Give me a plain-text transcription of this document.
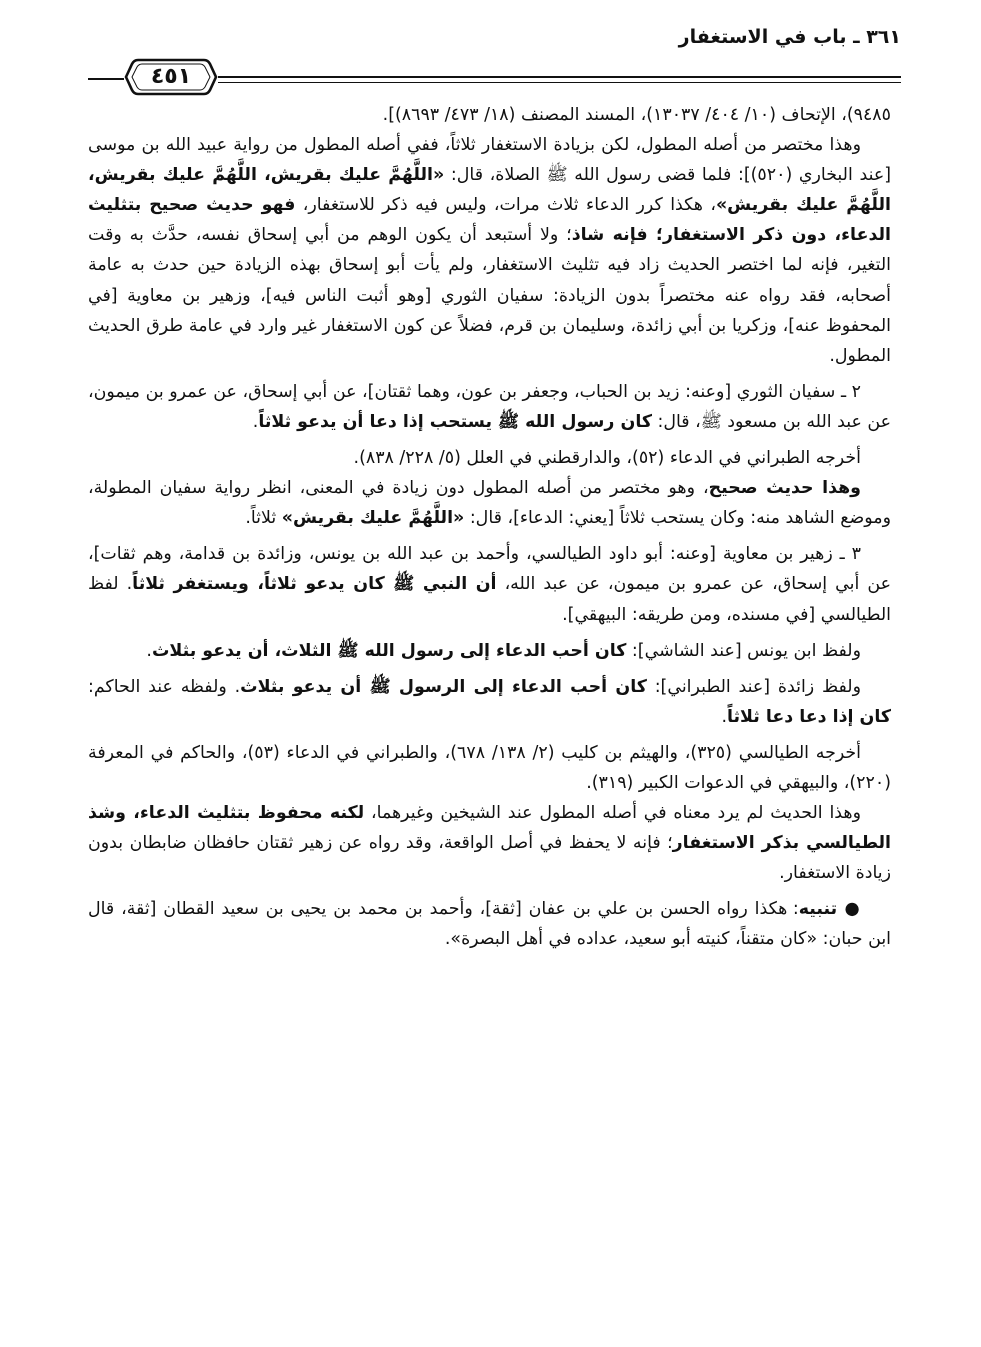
٣٦١ ـ باب في الاستغفار
٤٥١

٩٤٨٥)، الإتحاف (١٠/ ٤٠٤/ ١٣٠٣٧)، المسند المصنف (١٨/ ٤٧٣/ ٨٦٩٣)].

وهذا مختصر من أصله المطول، لكن بزيادة الاستغفار ثلاثاً، ففي أصله المطول من رواية عبيد الله بن موسى [عند البخاري (٥٢٠)]: فلما قضى رسول الله ﷺ الصلاة، قال: «اللَّهُمَّ عليك بقريش، اللَّهُمَّ عليك بقريش، اللَّهُمَّ عليك بقريش»، هكذا كرر الدعاء ثلاث مرات، وليس فيه ذكر للاستغفار، فهو حديث صحيح بتثليث الدعاء، دون ذكر الاستغفار؛ فإنه شاذ؛ ولا أستبعد أن يكون الوهم من أبي إسحاق نفسه، حدَّث به وقت التغير، فإنه لما اختصر الحديث زاد فيه تثليث الاستغفار، ولم يأت أبو إسحاق بهذه الزيادة حين حدث به عامة أصحابه، فقد رواه عنه مختصراً بدون الزيادة: سفيان الثوري [وهو أثبت الناس فيه]، وزهير بن معاوية [في المحفوظ عنه]، وزكريا بن أبي زائدة، وسليمان بن قرم، فضلاً عن كون الاستغفار غير وارد في عامة طرق الحديث المطول.

٢ ـ سفيان الثوري [وعنه: زيد بن الحباب، وجعفر بن عون، وهما ثقتان]، عن أبي إسحاق، عن عمرو بن ميمون، عن عبد الله بن مسعود ﷺ، قال: كان رسول الله ﷺ يستحب إذا دعا أن يدعو ثلاثاً.

أخرجه الطبراني في الدعاء (٥٢)، والدارقطني في العلل (٥/ ٢٢٨/ ٨٣٨).

وهذا حديث صحيح، وهو مختصر من أصله المطول دون زيادة في المعنى، انظر رواية سفيان المطولة، وموضع الشاهد منه: وكان يستحب ثلاثاً [يعني: الدعاء]، قال: «اللَّهُمَّ عليك بقريش» ثلاثاً.

٣ ـ زهير بن معاوية [وعنه: أبو داود الطيالسي، وأحمد بن عبد الله بن يونس، وزائدة بن قدامة، وهم ثقات]، عن أبي إسحاق، عن عمرو بن ميمون، عن عبد الله، أن النبي ﷺ كان يدعو ثلاثاً، ويستغفر ثلاثاً. لفظ الطيالسي [في مسنده، ومن طريقه: البيهقي].

ولفظ ابن يونس [عند الشاشي]: كان أحب الدعاء إلى رسول الله ﷺ الثلاث، أن يدعو بثلاث.

ولفظ زائدة [عند الطبراني]: كان أحب الدعاء إلى الرسول ﷺ أن يدعو بثلاث. ولفظه عند الحاكم: كان إذا دعا دعا ثلاثاً.

أخرجه الطيالسي (٣٢٥)، والهيثم بن كليب (٢/ ١٣٨/ ٦٧٨)، والطبراني في الدعاء (٥٣)، والحاكم في المعرفة (٢٢٠)، والبيهقي في الدعوات الكبير (٣١٩).

وهذا الحديث لم يرد معناه في أصله المطول عند الشيخين وغيرهما، لكنه محفوظ بتثليث الدعاء، وشذ الطيالسي بذكر الاستغفار؛ فإنه لا يحفظ في أصل الواقعة، وقد رواه عن زهير ثقتان حافظان ضابطان بدون زيادة الاستغفار.

● تنبيه: هكذا رواه الحسن بن علي بن عفان [ثقة]، وأحمد بن محمد بن يحيى بن سعيد القطان [ثقة، قال ابن حبان: «كان متقناً، كنيته أبو سعيد، عداده في أهل البصرة».
